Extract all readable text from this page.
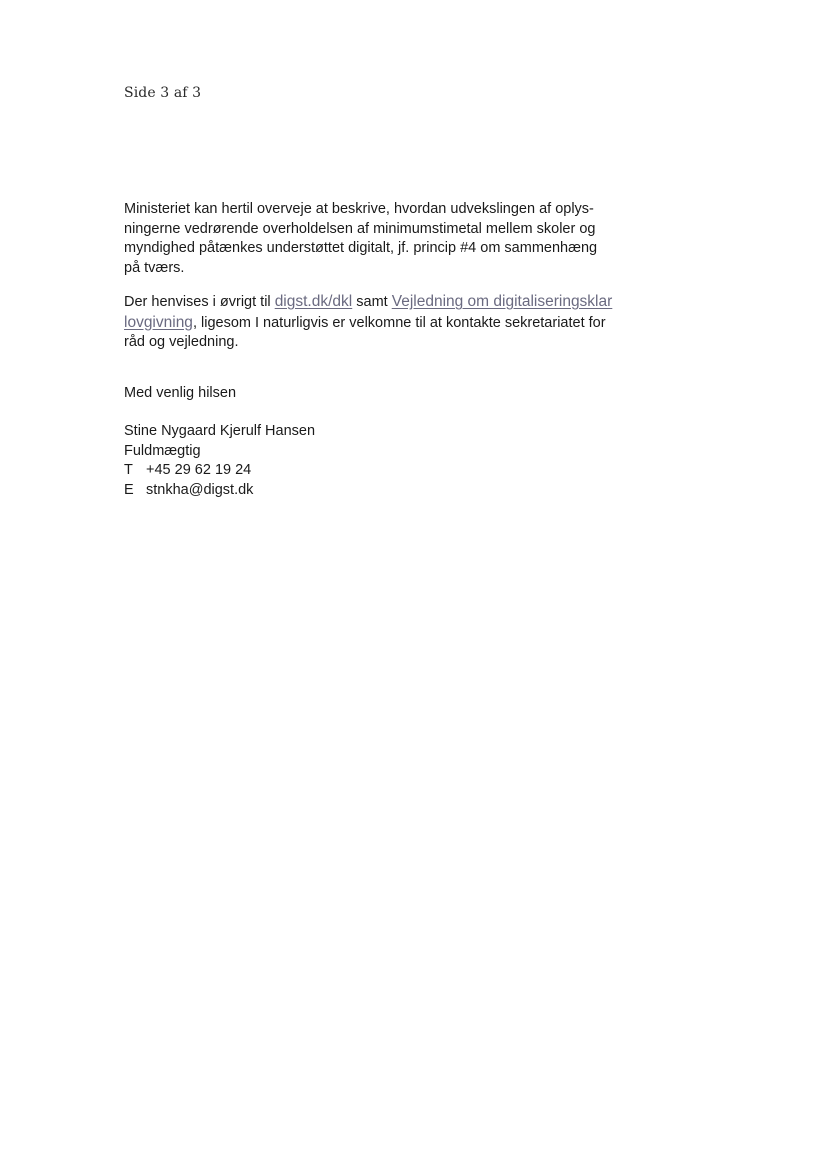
Side 3 af 3

Ministeriet kan hertil overveje at beskrive, hvordan udvekslingen af oplys-
ningerne vedrørende overholdelsen af minimumstimetal mellem skoler og
myndighed påtænkes understøttet digitalt, jf. princip #4 om sammenhæng
på tværs.

Der henvises i øvrigt til digst.dk/dkl samt Vejledning om digitaliseringsklar
lovgivning, ligesom I naturligvis er velkomne til at kontakte sekretariatet for
råd og vejledning.

Med venlig hilsen

Stine Nygaard Kjerulf Hansen
Fuldmægtig
T +45 29 62 19 24
E stnkha@digst.dk
